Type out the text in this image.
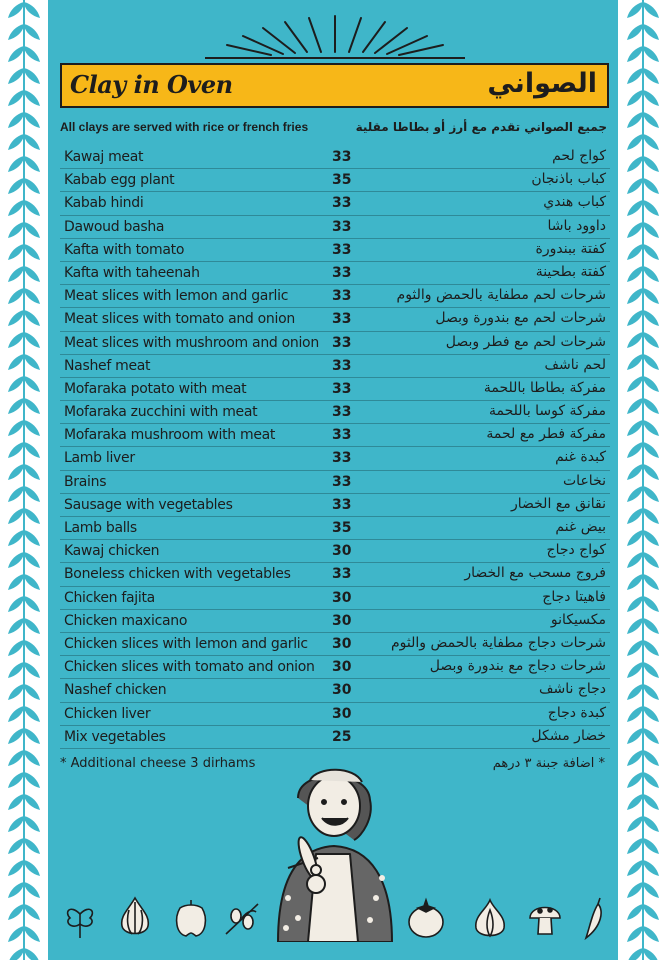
Clay in Oven	الصواني
All clays are served with rice or french fries	جميع الصواني تقدم مع أرز أو بطاطا مقلية
Kawaj meat	33	كواج لحم
Kabab egg plant	35	كباب باذنجان
Kabab hindi	33	كباب هندي
Dawoud basha	33	داوود باشا
Kafta with tomato	33	كفتة ببندورة
Kafta with taheenah	33	كفتة بطحينة
Meat slices with lemon and garlic	33	شرحات لحم مطفاية بالحمض والثوم
Meat slices with tomato and onion	33	شرحات لحم مع بندورة وبصل
Meat slices with mushroom and onion 33	شرحات لحم مع فطر وبصل
Nashef meat	33	لحم ناشف
Mofaraka potato with meat	33	مفركة بطاطا باللحمة
Mofaraka zucchini with meat	33	مفركة كوسا باللحمة
Mofaraka mushroom with meat	33	مفركة فطر مع لحمة
Lamb liver	33	كبدة غنم
Brains	33	نخاعات
Sausage with vegetables	33	نقانق مع الخضار
Lamb balls	35	بيض غنم
Kawaj chicken	30	كواج دجاج
Boneless chicken with vegetables	33	فروج مسحب مع الخضار
Chicken fajita	30	فاهيتا دجاج
Chicken maxicano	30	مكسيكانو
Chicken slices with lemon and garlic 30	شرحات دجاج مطفاية بالحمض والثوم
Chicken slices with tomato and onion 30	شرحات دجاج مع بندورة وبصل
Nashef chicken	30	دجاج ناشف
Chicken liver	30	كبدة دجاج
Mix vegetables	25	خضار مشكل
* Additional cheese 3 dirhams	* اضافة جبنة ٣ درهم
